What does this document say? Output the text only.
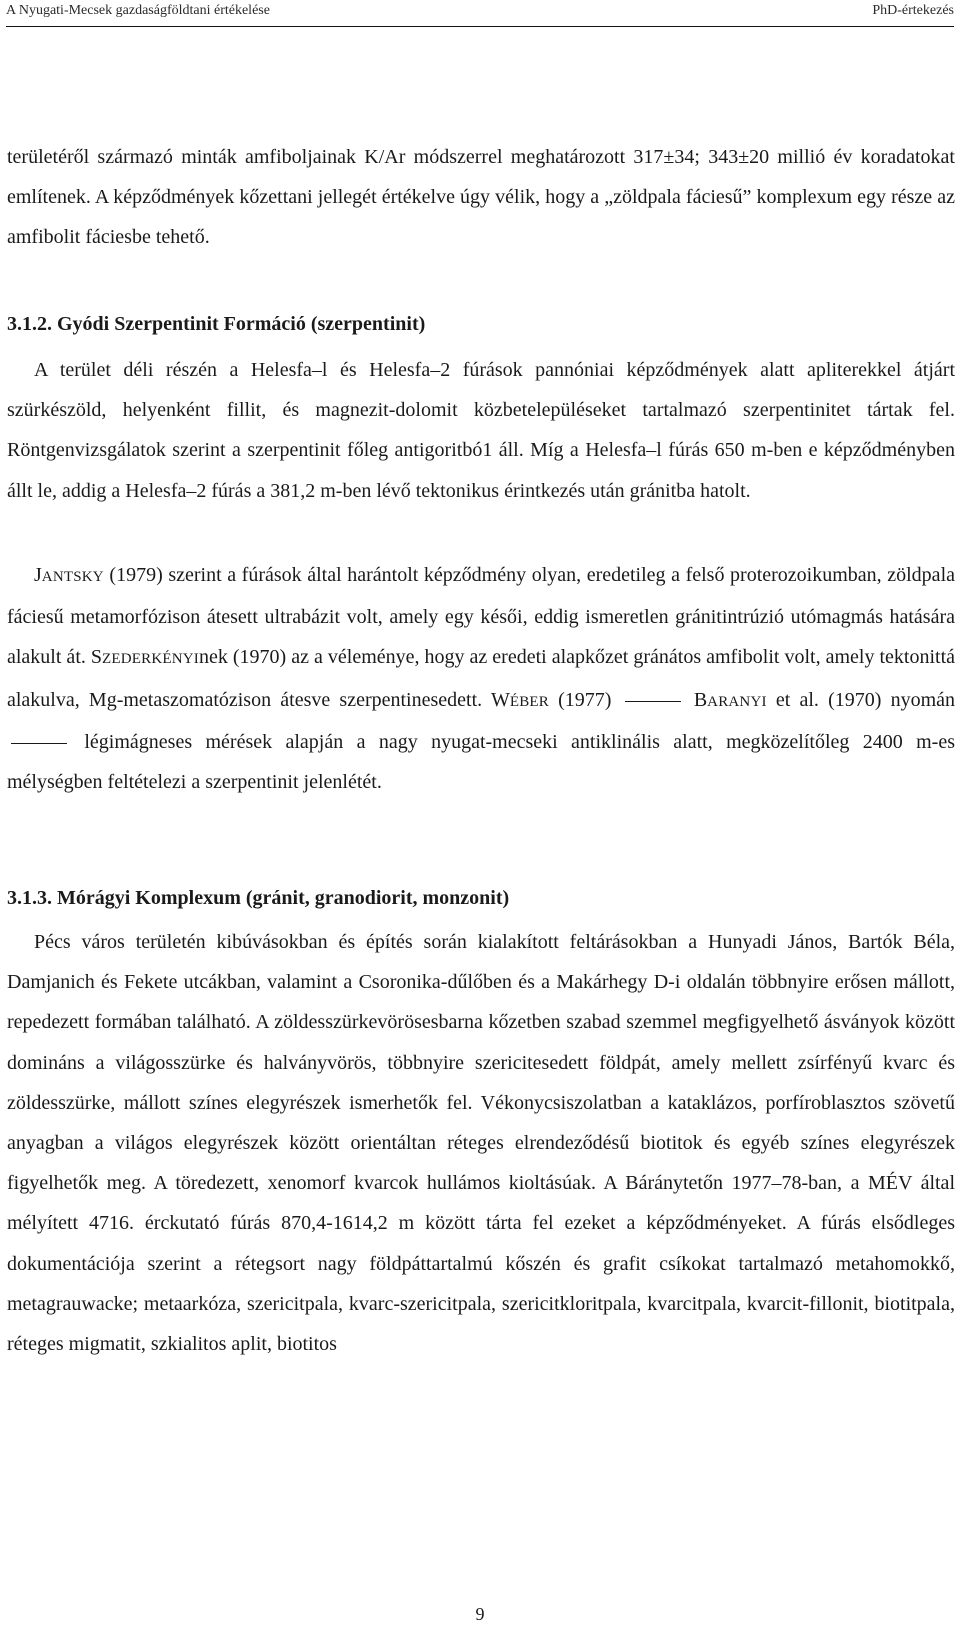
A Nyugati-Mecsek gazdaságföldtani értékelése	PhD-értekezés

területéről származó minták amfiboljainak K/Ar módszerrel meghatározott 317±34; 343±20 millió év koradatokat említenek. A képződmények kőzettani jellegét értékelve úgy vélik, hogy a „zöldpala fáciesű” komplexum egy része az amfibolit fáciesbe tehető.

3.1.2. Gyódi Szerpentinit Formáció (szerpentinit)

A terület déli részén a Helesfa–l és Helesfa–2 fúrások pannóniai képződmények alatt apliterekkel átjárt szürkészöld, helyenként fillit, és magnezit-dolomit közbetelepüléseket tartalmazó szerpentinitet tártak fel. Röntgenvizsgálatok szerint a szerpentinit főleg antigoritbó1 áll. Míg a Helesfa–l fúrás 650 m-ben e képződményben állt le, addig a Helesfa–2 fúrás a 381,2 m-ben lévő tektonikus érintkezés után gránitba hatolt.

JANTSKY (1979) szerint a fúrások által harántolt képződmény olyan, eredetileg a felső proterozoikumban, zöldpala fáciesű metamorfózison átesett ultrabázit volt, amely egy késői, eddig ismeretlen gránitintrúzió utómagmás hatására alakult át. SZEDERKÉNYInek (1970) az a véleménye, hogy az eredeti alapkőzet gránátos amfibolit volt, amely tektonittá alakulva, Mg-metaszomatózison átesve szerpentinesedett. WÉBER (1977)	BARANYI et al. (1970) nyomán  légimágneses mérések alapján a nagy nyugat-mecseki antiklinális alatt, megközelítőleg 2400 m-es mélységben feltételezi a szerpentinit jelenlétét.

3.1.3. Mórágyi Komplexum (gránit, granodiorit, monzonit)

Pécs város területén kibúvásokban és építés során kialakított feltárásokban a Hunyadi János, Bartók Béla, Damjanich és Fekete utcákban, valamint a Csoronika-dűlőben és a Makárhegy D-i oldalán többnyire erősen mállott, repedezett formában található. A zöldesszürkevörösesbarna kőzetben szabad szemmel megfigyelhető ásványok között domináns a világosszürke és halványvörös, többnyire szericitesedett földpát, amely mellett zsírfényű kvarc és zöldesszürke, mállott színes elegyrészek ismerhetők fel. Vékonycsiszolatban a kataklázos, porfíroblasztos szövetű anyagban a világos elegyrészek között orientáltan réteges elrendeződésű biotitok és egyéb színes elegyrészek figyelhetők meg. A töredezett, xenomorf kvarcok hullámos kioltásúak. A Báránytetőn 1977–78-ban, a MÉV által mélyített 4716. érckutató fúrás 870,4-1614,2 m között tárta fel ezeket a képződményeket. A fúrás elsődleges dokumentációja szerint a rétegsort nagy földpáttartalmú kőszén és grafit csíkokat tartalmazó metahomokkő, metagrauwacke; metaarkóza, szericitpala, kvarc-szericitpala, szericitkloritpala, kvarcitpala, kvarcit-fillonit, biotitpala, réteges migmatit, szkialitos aplit, biotitos

9
